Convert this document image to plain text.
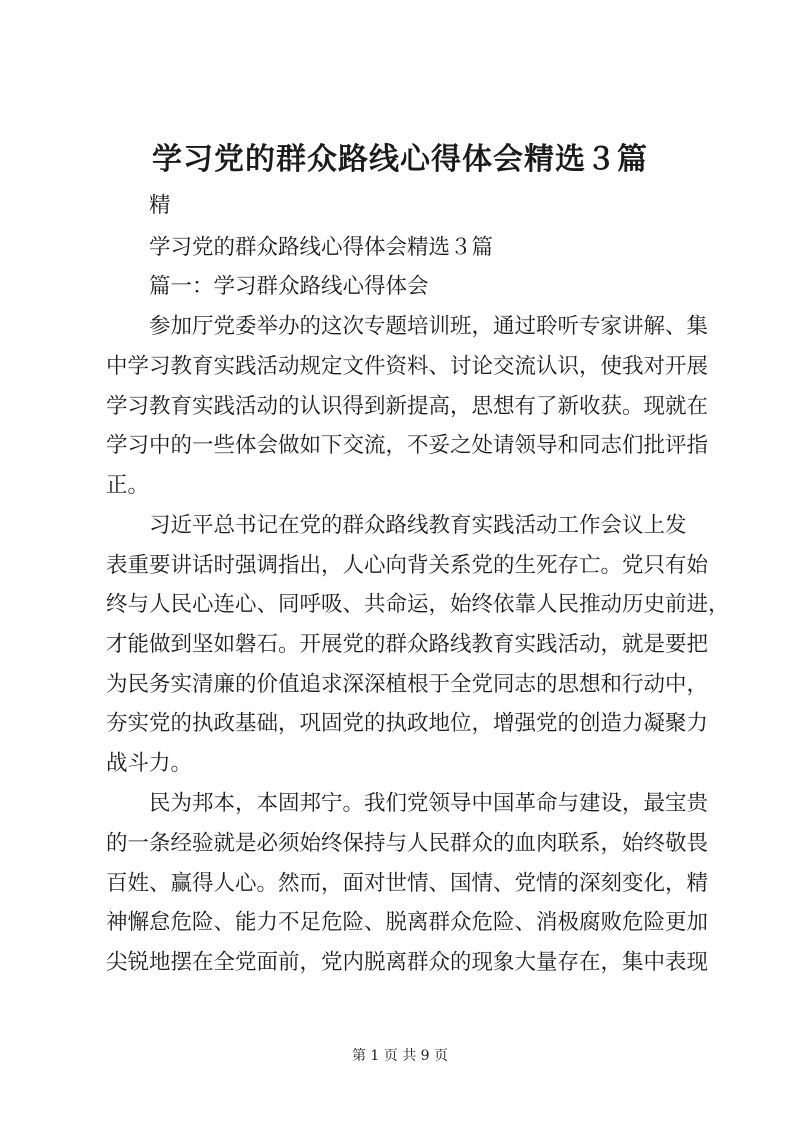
学习党的群众路线心得体会精选３篇
精
学习党的群众路线心得体会精选３篇
篇一：学习群众路线心得体会
参加厅党委举办的这次专题培训班，通过聆听专家讲解、集
中学习教育实践活动规定文件资料、讨论交流认识，使我对开展
学习教育实践活动的认识得到新提高，思想有了新收获。现就在
学习中的一些体会做如下交流，不妥之处请领导和同志们批评指
正。
习近平总书记在党的群众路线教育实践活动工作会议上发
表重要讲话时强调指出，人心向背关系党的生死存亡。党只有始
终与人民心连心、同呼吸、共命运，始终依靠人民推动历史前进，
才能做到坚如磐石。开展党的群众路线教育实践活动，就是要把
为民务实清廉的价值追求深深植根于全党同志的思想和行动中，
夯实党的执政基础，巩固党的执政地位，增强党的创造力凝聚力
战斗力。
民为邦本，本固邦宁。我们党领导中国革命与建设，最宝贵
的一条经验就是必须始终保持与人民群众的血肉联系，始终敬畏
百姓、赢得人心。然而，面对世情、国情、党情的深刻变化，精
神懈怠危险、能力不足危险、脱离群众危险、消极腐败危险更加
尖锐地摆在全党面前，党内脱离群众的现象大量存在，集中表现
第 1 页 共 9 页
